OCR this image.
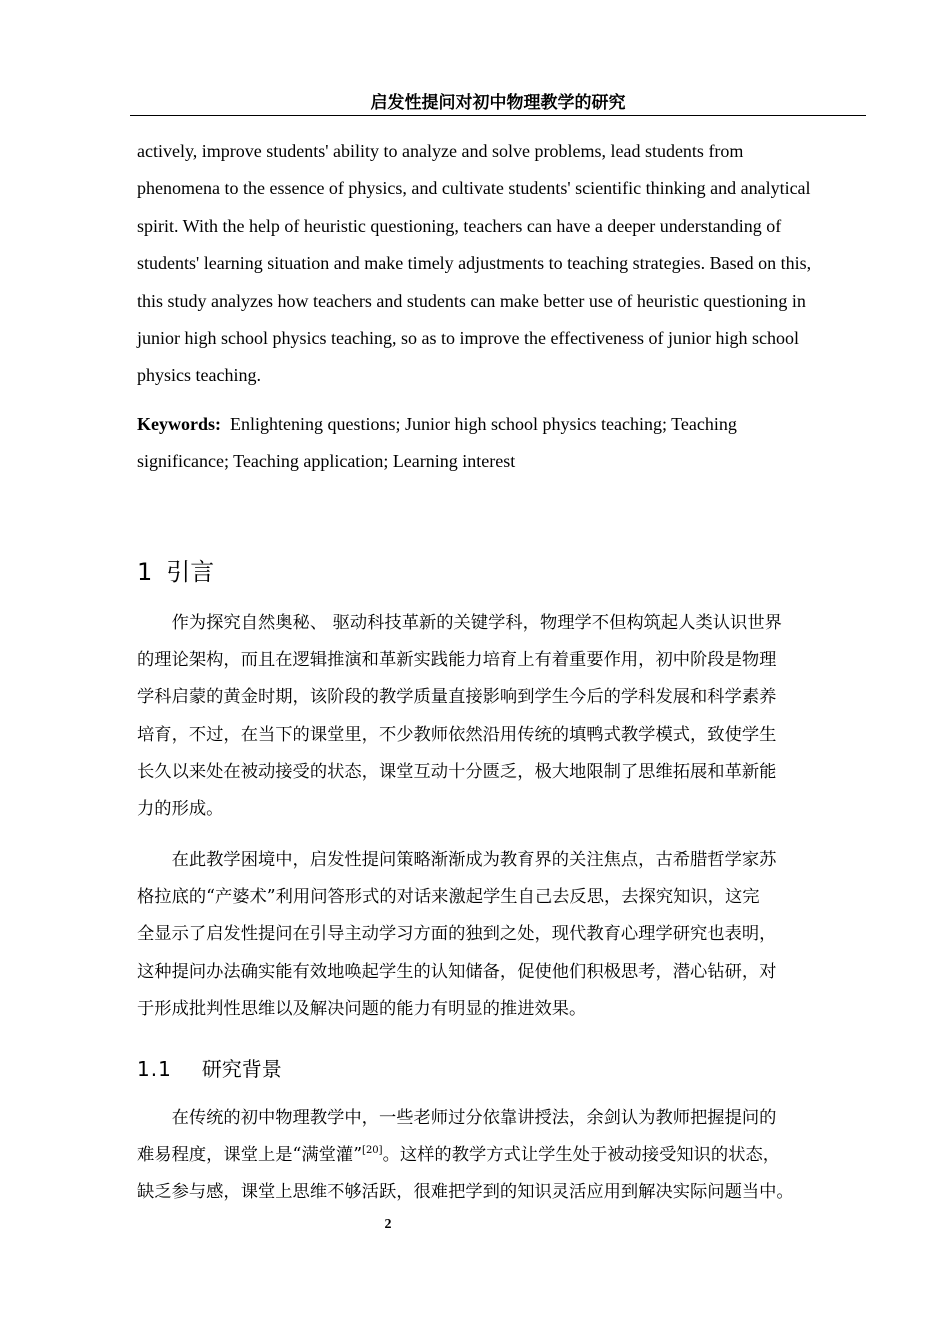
启发性提问对初中物理教学的研究
actively, improve students' ability to analyze and solve problems, lead students from
phenomena to the essence of physics, and cultivate students' scientific thinking and analytical
spirit. With the help of heuristic questioning, teachers can have a deeper understanding of
students' learning situation and make timely adjustments to teaching strategies. Based on this,
this study analyzes how teachers and students can make better use of heuristic questioning in
junior high school physics teaching, so as to improve the effectiveness of junior high school
physics teaching.
Keywords: Enlightening questions; Junior high school physics teaching; Teaching
significance; Teaching application; Learning interest
1 引言
　　作为探究自然奥秘、 驱动科技革新的关键学科，物理学不但构筑起人类认识世界
的理论架构，而且在逻辑推演和革新实践能力培育上有着重要作用，初中阶段是物理
学科启蒙的黄金时期，该阶段的教学质量直接影响到学生今后的学科发展和科学素养
培育，不过，在当下的课堂里，不少教师依然沿用传统的填鸭式教学模式，致使学生
长久以来处在被动接受的状态，课堂互动十分匮乏，极大地限制了思维拓展和革新能
力的形成。
　　在此教学困境中，启发性提问策略渐渐成为教育界的关注焦点，古希腊哲学家苏
格拉底的“产婆术”利用问答形式的对话来激起学生自己去反思，去探究知识，这完
全显示了启发性提问在引导主动学习方面的独到之处，现代教育心理学研究也表明，
这种提问办法确实能有效地唤起学生的认知储备，促使他们积极思考，潜心钻研，对
于形成批判性思维以及解决问题的能力有明显的推进效果。
1.1 研究背景
　　在传统的初中物理教学中，一些老师过分依靠讲授法，余剑认为教师把握提问的
难易程度，课堂上是“满堂灌”[20]。这样的教学方式让学生处于被动接受知识的状态，
缺乏参与感，课堂上思维不够活跃，很难把学到的知识灵活应用到解决实际问题当中。
2
